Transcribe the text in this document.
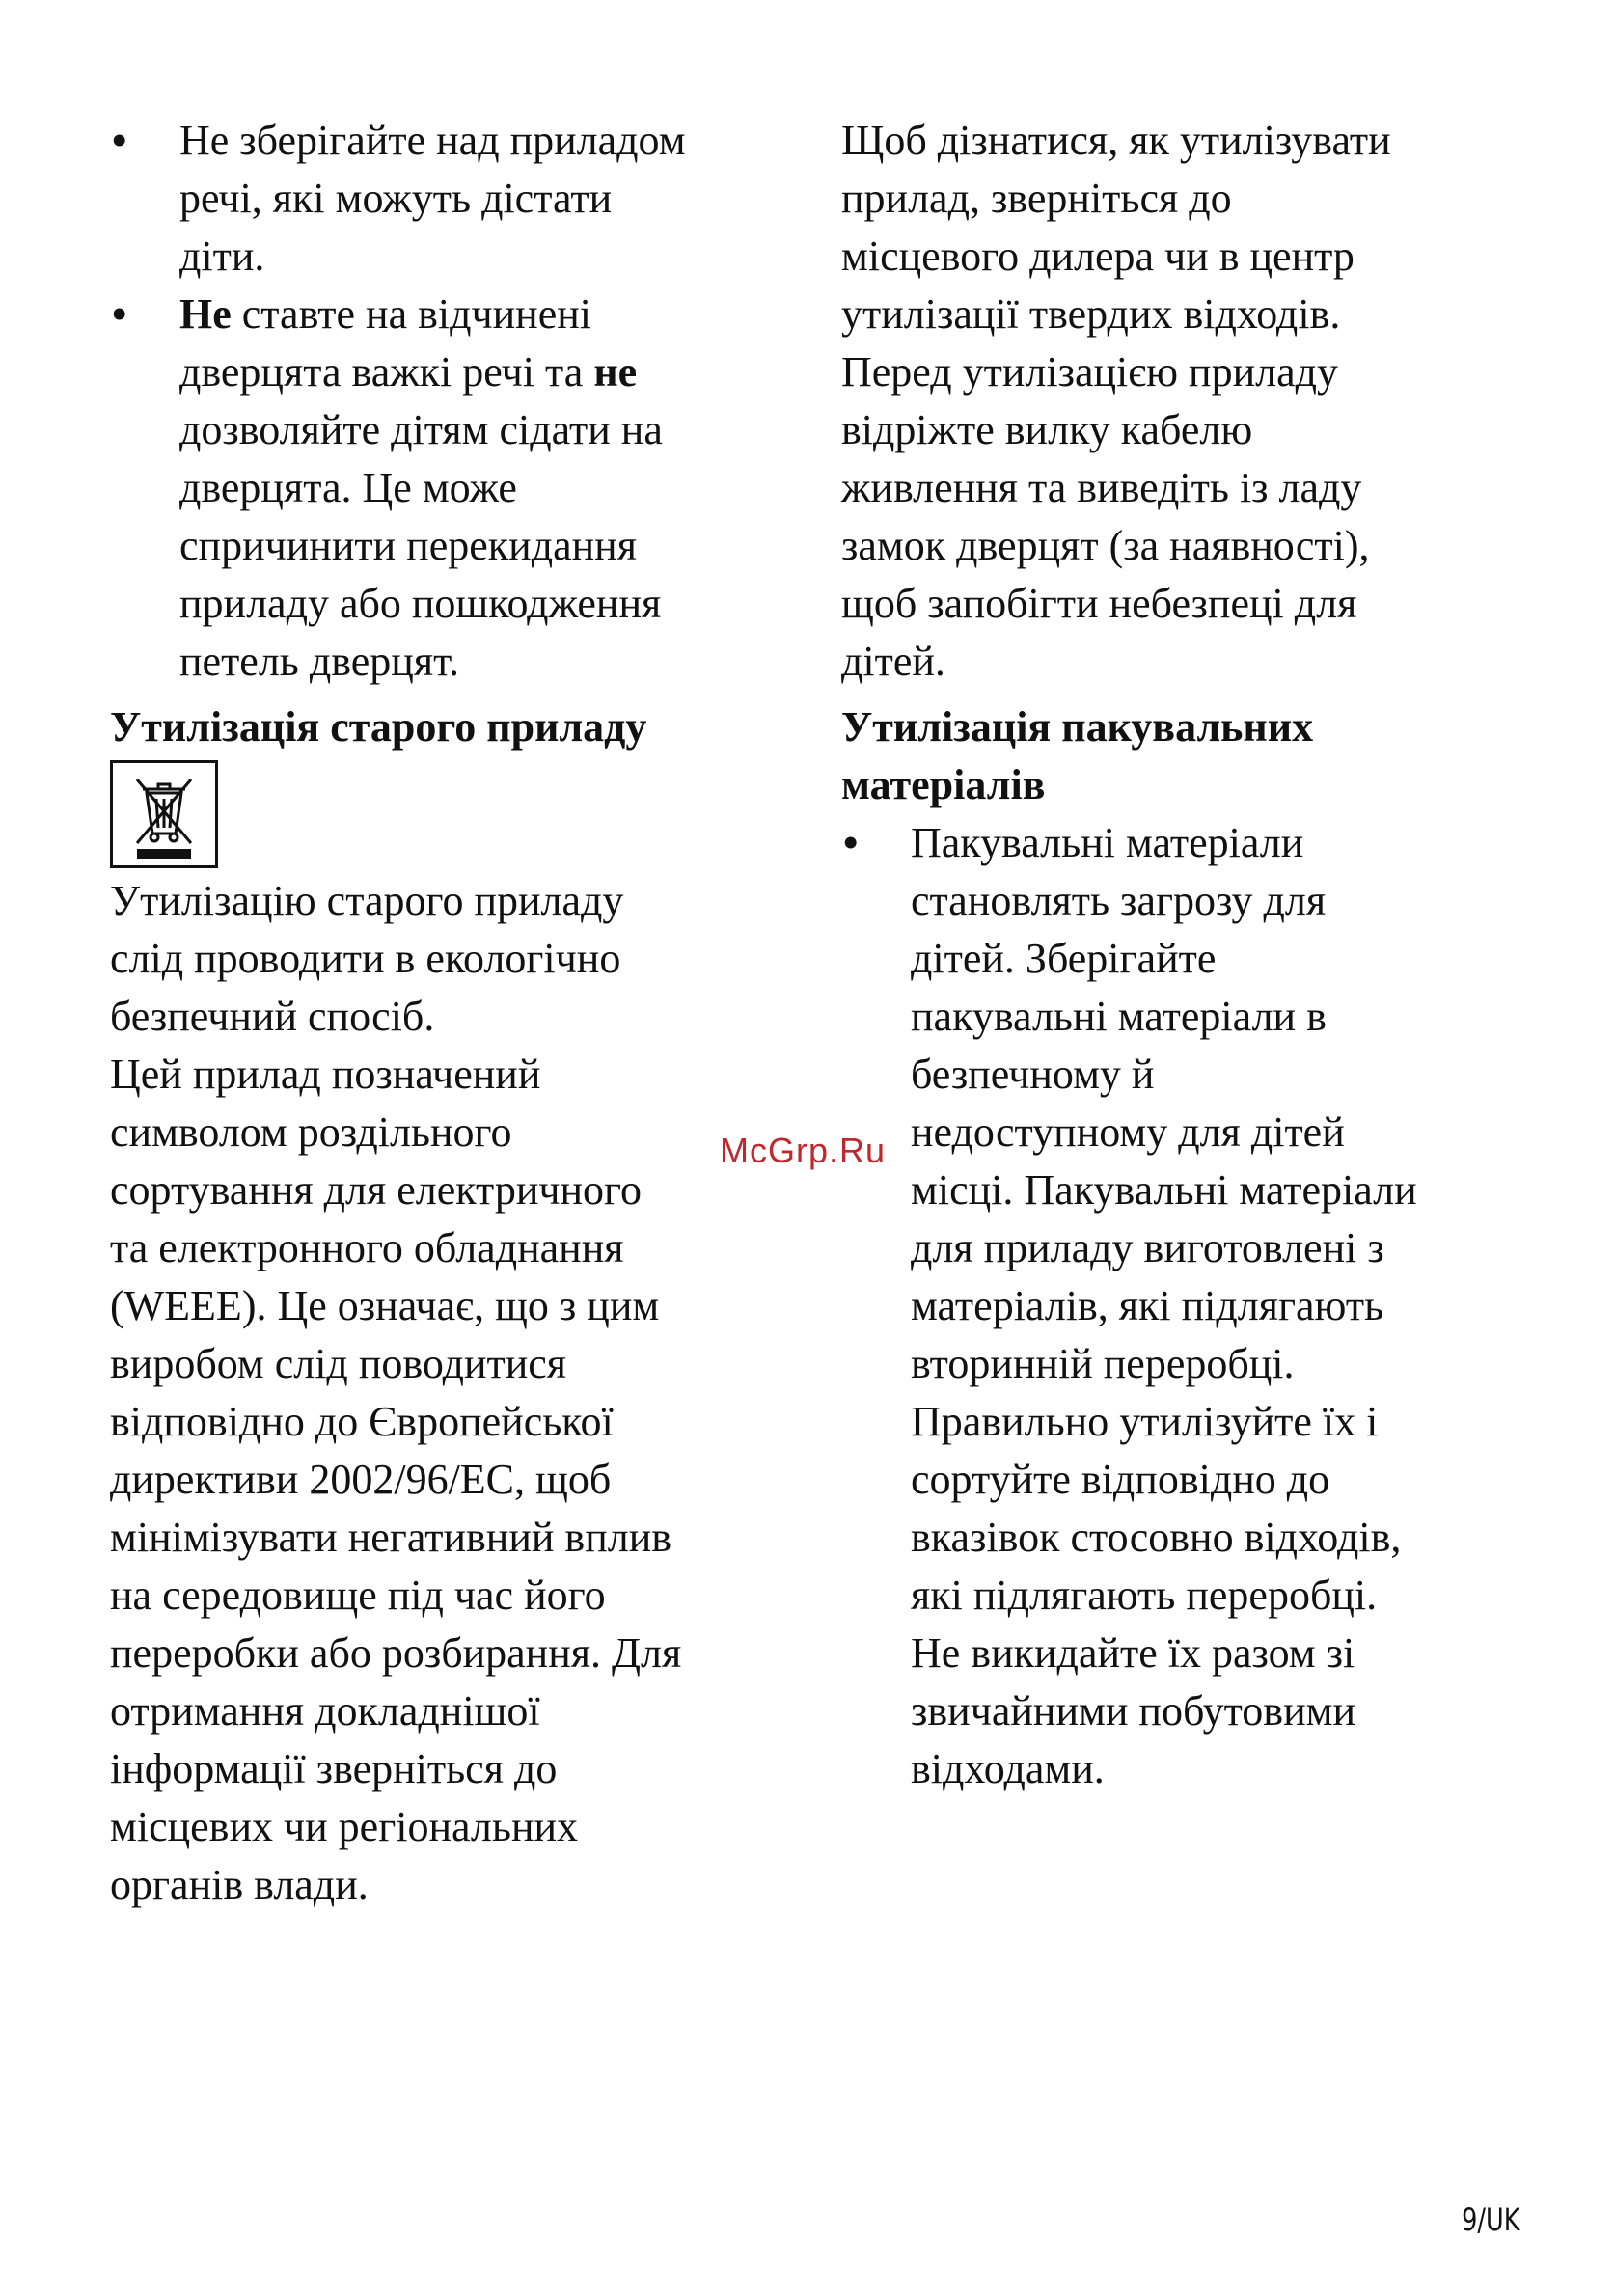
• Не зберігайте над приладом
речі, які можуть дістати
діти.
• Не ставте на відчинені
дверцята важкі речі та не
дозволяйте дітям сідати на
дверцята. Це може
спричинити перекидання
приладу або пошкодження
петель дверцят.
Утилізація старого приладу
Утилізацію старого приладу
слід проводити в екологічно
безпечний спосіб.
Цей прилад позначений
символом роздільного
сортування для електричного
та електронного обладнання
(WEEE). Це означає, що з цим
виробом слід поводитися
відповідно до Європейської
директиви 2002/96/ЕС, щоб
мінімізувати негативний вплив
на середовище під час його
переробки або розбирання. Для
отримання докладнішої
інформації зверніться до
місцевих чи регіональних
органів влади.
Щоб дізнатися, як утилізувати
прилад, зверніться до
місцевого дилера чи в центр
утилізації твердих відходів.
Перед утилізацією приладу
відріжте вилку кабелю
живлення та виведіть із ладу
замок дверцят (за наявності),
щоб запобігти небезпеці для
дітей.
Утилізація пакувальних
матеріалів
• Пакувальні матеріали
становлять загрозу для
дітей. Зберігайте
пакувальні матеріали в
безпечному й
недоступному для дітей
місці. Пакувальні матеріали
для приладу виготовлені з
матеріалів, які підлягають
вторинній переробці.
Правильно утилізуйте їх і
сортуйте відповідно до
вказівок стосовно відходів,
які підлягають переробці.
Не викидайте їх разом зі
звичайними побутовими
відходами.
McGrp.Ru
9/UK
